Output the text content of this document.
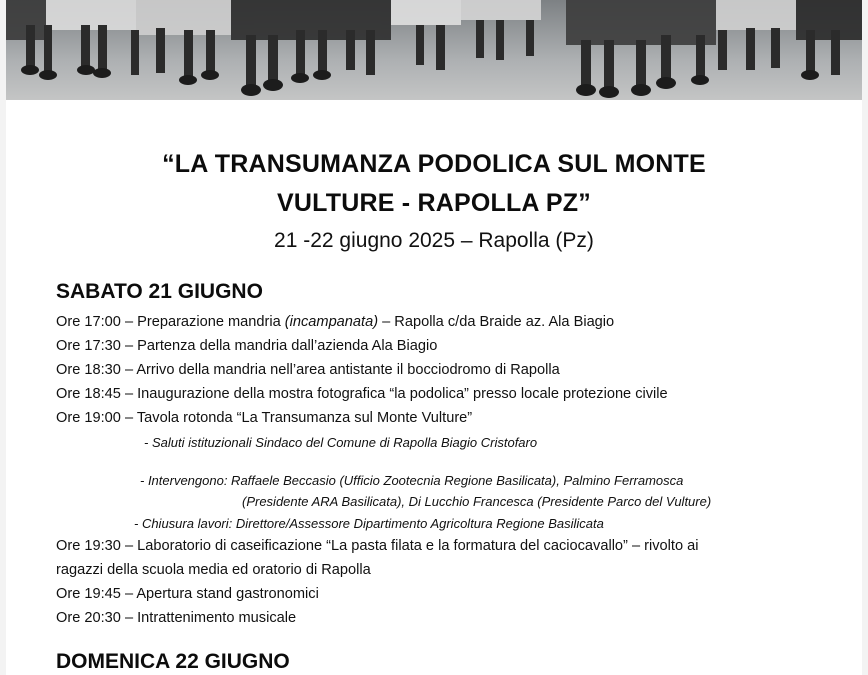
“LA TRANSUMANZA PODOLICA SUL MONTE
VULTURE - RAPOLLA PZ”
21 -22 giugno 2025 – Rapolla (Pz)
SABATO 21 GIUGNO
Ore 17:00 – Preparazione mandria (incampanata) – Rapolla c/da Braide az. Ala Biagio
Ore 17:30 – Partenza della mandria dall’azienda Ala Biagio
Ore 18:30 – Arrivo della mandria nell’area antistante il bocciodromo di Rapolla
Ore 18:45 – Inaugurazione della mostra fotografica “la podolica” presso locale protezione civile
Ore 19:00 – Tavola rotonda “La Transumanza sul Monte Vulture”
- Saluti istituzionali Sindaco del Comune di Rapolla Biagio Cristofaro
- Intervengono: Raffaele Beccasio (Ufficio Zootecnia Regione Basilicata), Palmino Ferramosca
(Presidente ARA Basilicata), Di Lucchio Francesca (Presidente Parco del Vulture)
- Chiusura lavori: Direttore/Assessore Dipartimento Agricoltura Regione Basilicata
Ore 19:30 – Laboratorio di caseificazione “La pasta filata e la formatura del caciocavallo” – rivolto ai
ragazzi della scuola media ed oratorio di Rapolla
Ore 19:45 – Apertura stand gastronomici
Ore 20:30 – Intrattenimento musicale
DOMENICA 22 GIUGNO
